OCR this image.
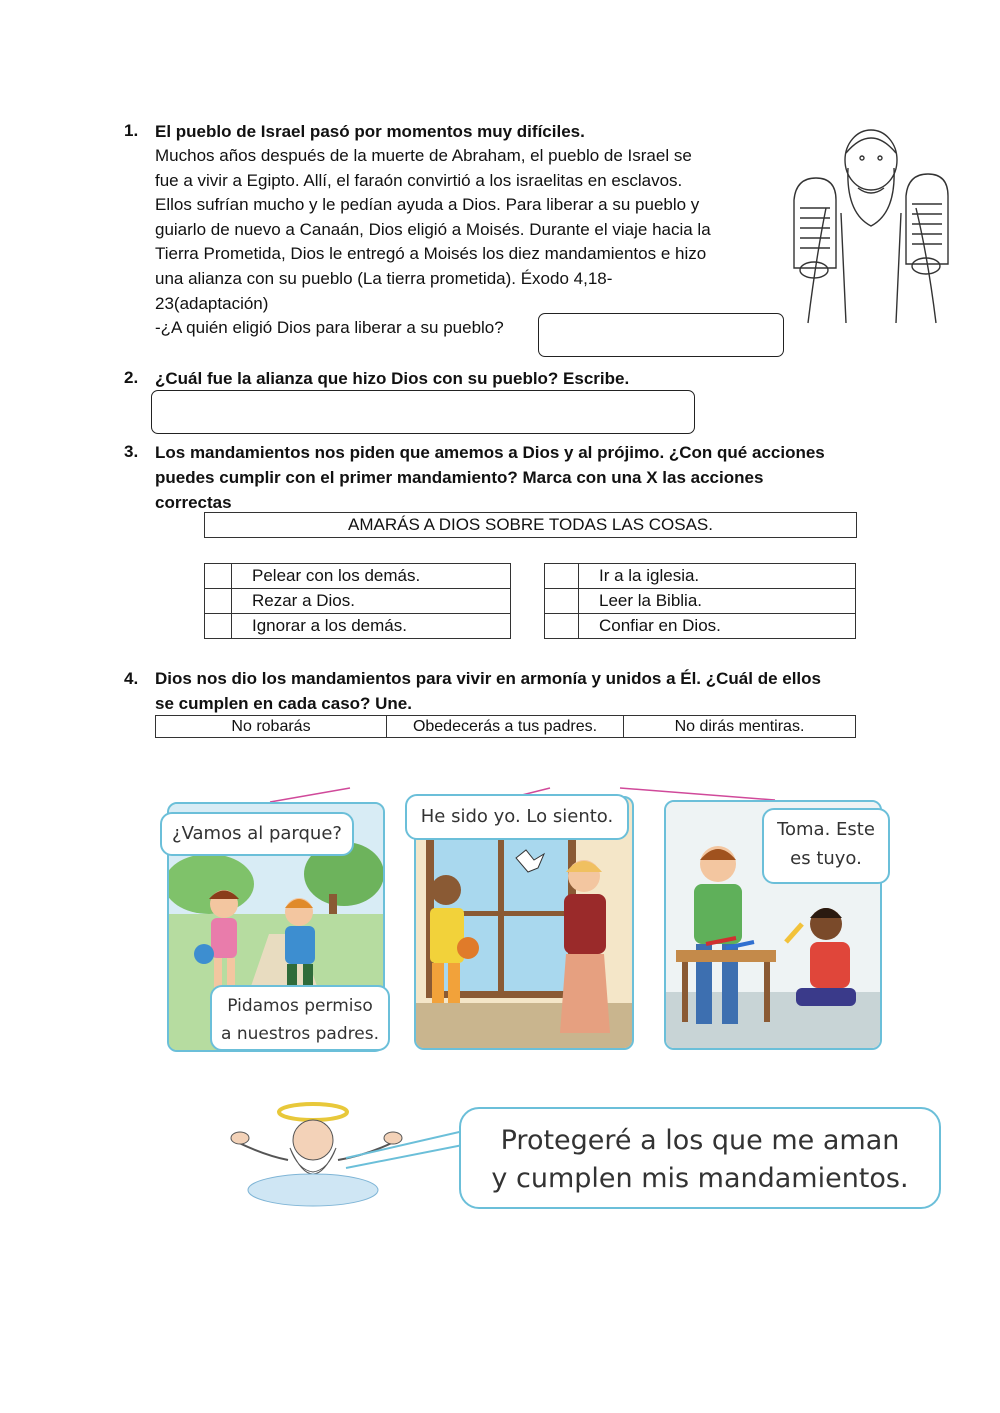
1. El pueblo de Israel pasó por momentos muy difíciles.
Muchos años después de la muerte de Abraham, el pueblo de Israel se
fue a vivir a Egipto. Allí, el faraón convirtió a los israelitas en esclavos.
Ellos sufrían mucho y le pedían ayuda a Dios. Para liberar a su pueblo y
guiarlo de nuevo a Canaán, Dios eligió a Moisés. Durante el viaje hacia la
Tierra Prometida, Dios le entregó a Moisés los diez mandamientos e hizo
una alianza con su pueblo (La tierra prometida). Éxodo 4,18-
23(adaptación)
-¿A quién eligió Dios para liberar a su pueblo?
2. ¿Cuál fue la alianza que hizo Dios con su pueblo? Escribe.
3. Los mandamientos nos piden que amemos a Dios y al prójimo. ¿Con qué acciones
puedes cumplir con el primer mandamiento? Marca con una X las acciones
correctas
AMARÁS A DIOS SOBRE TODAS LAS COSAS.
	Pelear con los demás.
	Rezar a Dios.
	Ignorar a los demás.
	Ir a la iglesia.
	Leer la Biblia.
	Confiar en Dios.
4. Dios nos dio los mandamientos para vivir en armonía y unidos a Él. ¿Cuál de ellos
se cumplen en cada caso? Une.
No robarás	Obedecerás a tus padres.	No dirás mentiras.
¿Vamos al parque?
Pidamos permiso
a nuestros padres.
He sido yo. Lo siento.
Toma. Este
es tuyo.
Protegeré a los que me aman
y cumplen mis mandamientos.
